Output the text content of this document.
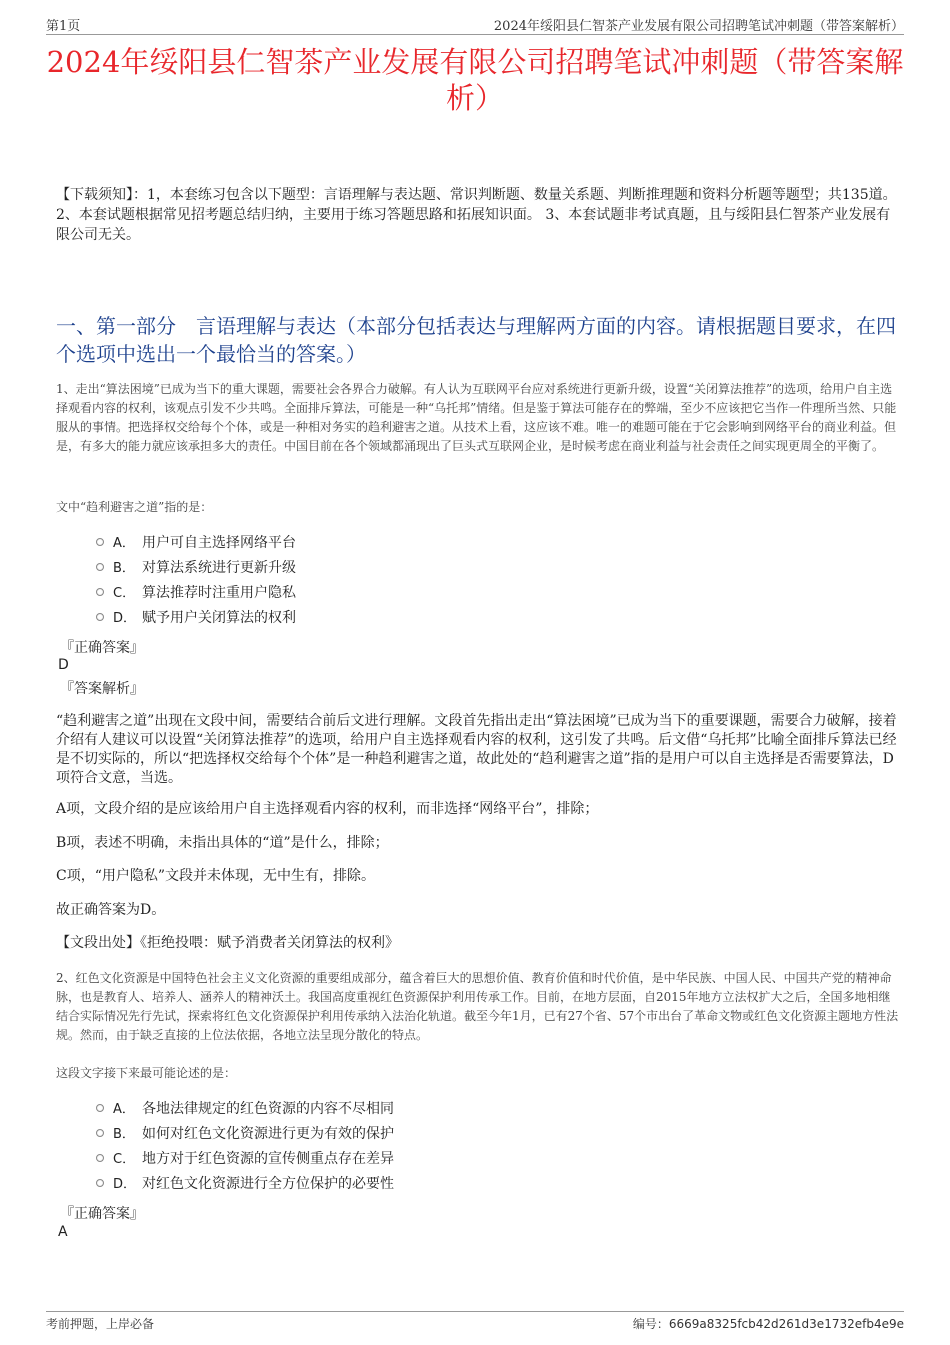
第1页	2024年绥阳县仁智茶产业发展有限公司招聘笔试冲刺题（带答案解析）
2024年绥阳县仁智茶产业发展有限公司招聘笔试冲刺题（带答案解析）
【下载须知】：1，本套练习包含以下题型：言语理解与表达题、常识判断题、数量关系题、判断推理题和资料分析题等题型；共135道。 2、本套试题根据常见招考题总结归纳，主要用于练习答题思路和拓展知识面。 3、本套试题非考试真题，且与绥阳县仁智茶产业发展有限公司无关。
一、第一部分　言语理解与表达（本部分包括表达与理解两方面的内容。请根据题目要求，在四个选项中选出一个最恰当的答案。）
1、走出“算法困境”已成为当下的重大课题，需要社会各界合力破解。有人认为互联网平台应对系统进行更新升级，设置“关闭算法推荐”的选项，给用户自主选择观看内容的权利，该观点引发不少共鸣。全面排斥算法，可能是一种“乌托邦”情绪。但是鉴于算法可能存在的弊端，至少不应该把它当作一件理所当然、只能服从的事情。把选择权交给每个个体，或是一种相对务实的趋利避害之道。从技术上看，这应该不难。唯一的难题可能在于它会影响到网络平台的商业利益。但是，有多大的能力就应该承担多大的责任。中国目前在各个领域都涌现出了巨头式互联网企业，是时候考虑在商业利益与社会责任之间实现更周全的平衡了。
文中“趋利避害之道”指的是：
A． 用户可自主选择网络平台
B． 对算法系统进行更新升级
C． 算法推荐时注重用户隐私
D． 赋予用户关闭算法的权利
『正确答案』
D
『答案解析』
“趋利避害之道”出现在文段中间，需要结合前后文进行理解。文段首先指出走出“算法困境”已成为当下的重要课题，需要合力破解，接着介绍有人建议可以设置“关闭算法推荐”的选项，给用户自主选择观看内容的权利，这引发了共鸣。后文借“乌托邦”比喻全面排斥算法已经是不切实际的，所以“把选择权交给每个个体”是一种趋利避害之道，故此处的“趋利避害之道”指的是用户可以自主选择是否需要算法，D项符合文意，当选。
A项，文段介绍的是应该给用户自主选择观看内容的权利，而非选择“网络平台”，排除；
B项，表述不明确，未指出具体的“道”是什么，排除；
C项，“用户隐私”文段并未体现，无中生有，排除。
故正确答案为D。
【文段出处】《拒绝投喂：赋予消费者关闭算法的权利》
2、红色文化资源是中国特色社会主义文化资源的重要组成部分，蕴含着巨大的思想价值、教育价值和时代价值，是中华民族、中国人民、中国共产党的精神命脉，也是教育人、培养人、涵养人的精神沃土。我国高度重视红色资源保护利用传承工作。目前，在地方层面，自2015年地方立法权扩大之后，全国多地相继结合实际情况先行先试，探索将红色文化资源保护利用传承纳入法治化轨道。截至今年1月，已有27个省、57个市出台了革命文物或红色文化资源主题地方性法规。然而，由于缺乏直接的上位法依据，各地立法呈现分散化的特点。
这段文字接下来最可能论述的是：
A． 各地法律规定的红色资源的内容不尽相同
B． 如何对红色文化资源进行更为有效的保护
C． 地方对于红色资源的宣传侧重点存在差异
D． 对红色文化资源进行全方位保护的必要性
『正确答案』
A
考前押题，上岸必备	编号：6669a8325fcb42d261d3e1732efb4e9e
